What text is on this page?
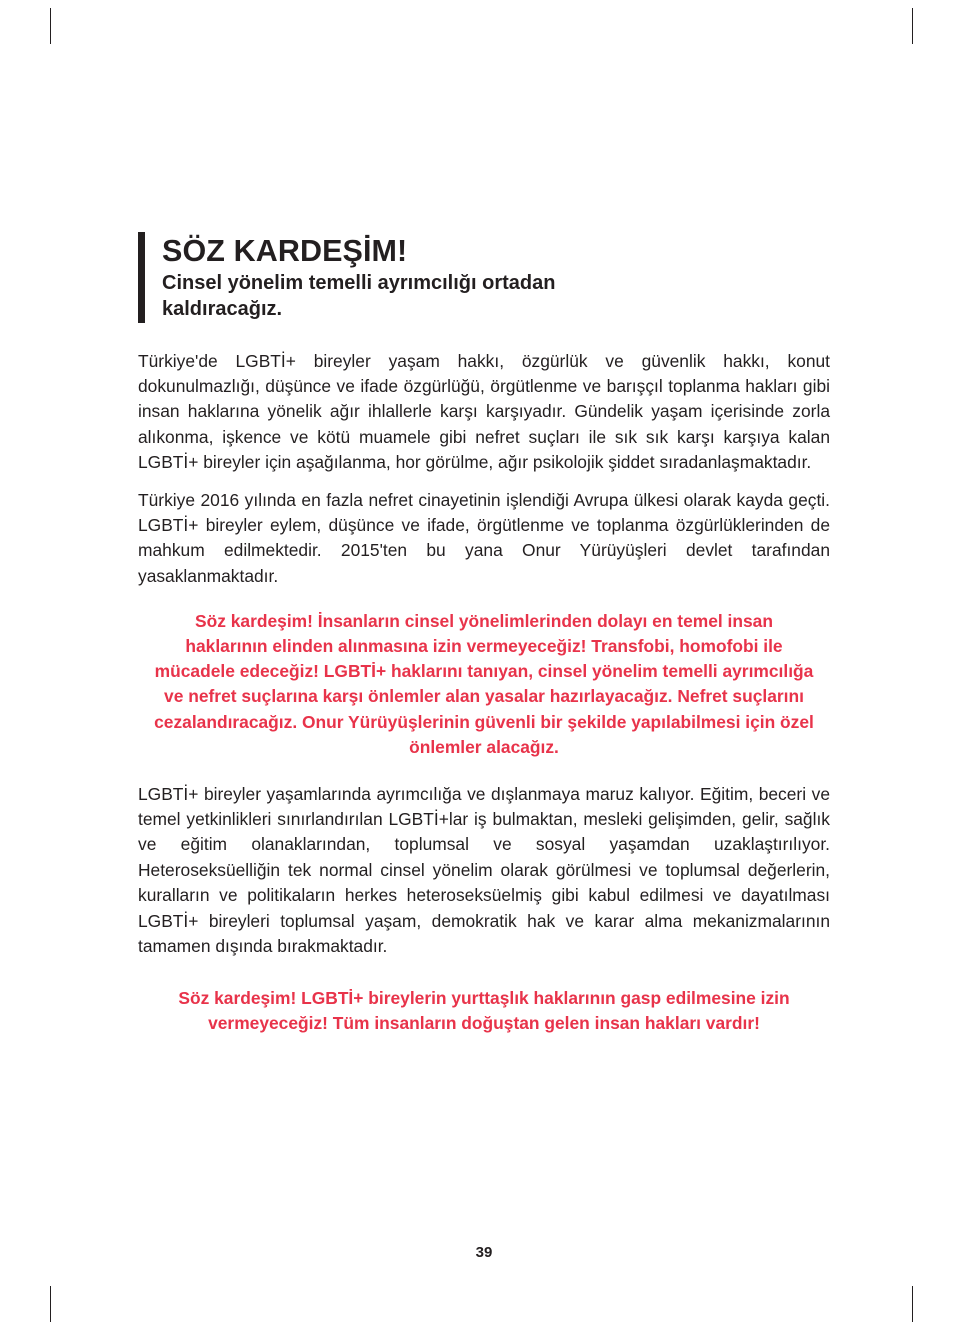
SÖZ KARDEŞİM!
Cinsel yönelim temelli ayrımcılığı ortadan kaldıracağız.

Türkiye'de LGBTİ+ bireyler yaşam hakkı, özgürlük ve güvenlik hakkı, konut dokunulmazlığı, düşünce ve ifade özgürlüğü, örgütlenme ve barışçıl toplanma hakları gibi insan haklarına yönelik ağır ihlallerle karşı karşıyadır. Gündelik yaşam içerisinde zorla alıkonma, işkence ve kötü muamele gibi nefret suçları ile sık sık karşı karşıya kalan LGBTİ+ bireyler için aşağılanma, hor görülme, ağır psikolojik şiddet sıradanlaşmaktadır.

Türkiye 2016 yılında en fazla nefret cinayetinin işlendiği Avrupa ülkesi olarak kayda geçti. LGBTİ+ bireyler eylem, düşünce ve ifade, örgütlenme ve toplanma özgürlüklerinden de mahkum edilmektedir. 2015'ten bu yana Onur Yürüyüşleri devlet tarafından yasaklanmaktadır.

Söz kardeşim! İnsanların cinsel yönelimlerinden dolayı en temel insan haklarının elinden alınmasına izin vermeyeceğiz! Transfobi, homofobi ile mücadele edeceğiz! LGBTİ+ haklarını tanıyan, cinsel yönelim temelli ayrımcılığa ve nefret suçlarına karşı önlemler alan yasalar hazırlayacağız. Nefret suçlarını cezalandıracağız. Onur Yürüyüşlerinin güvenli bir şekilde yapılabilmesi için özel önlemler alacağız.

LGBTİ+ bireyler yaşamlarında ayrımcılığa ve dışlanmaya maruz kalıyor. Eğitim, beceri ve temel yetkinlikleri sınırlandırılan LGBTİ+lar iş bulmaktan, mesleki gelişimden, gelir, sağlık ve eğitim olanaklarından, toplumsal ve sosyal yaşamdan uzaklaştırılıyor. Heteroseksüelliğin tek normal cinsel yönelim olarak görülmesi ve toplumsal değerlerin, kuralların ve politikaların herkes heteroseksüelmiş gibi kabul edilmesi ve dayatılması LGBTİ+ bireyleri toplumsal yaşam, demokratik hak ve karar alma mekanizmalarının tamamen dışında bırakmaktadır.

Söz kardeşim! LGBTİ+ bireylerin yurttaşlık haklarının gasp edilmesine izin vermeyeceğiz! Tüm insanların doğuştan gelen insan hakları vardır!
39
